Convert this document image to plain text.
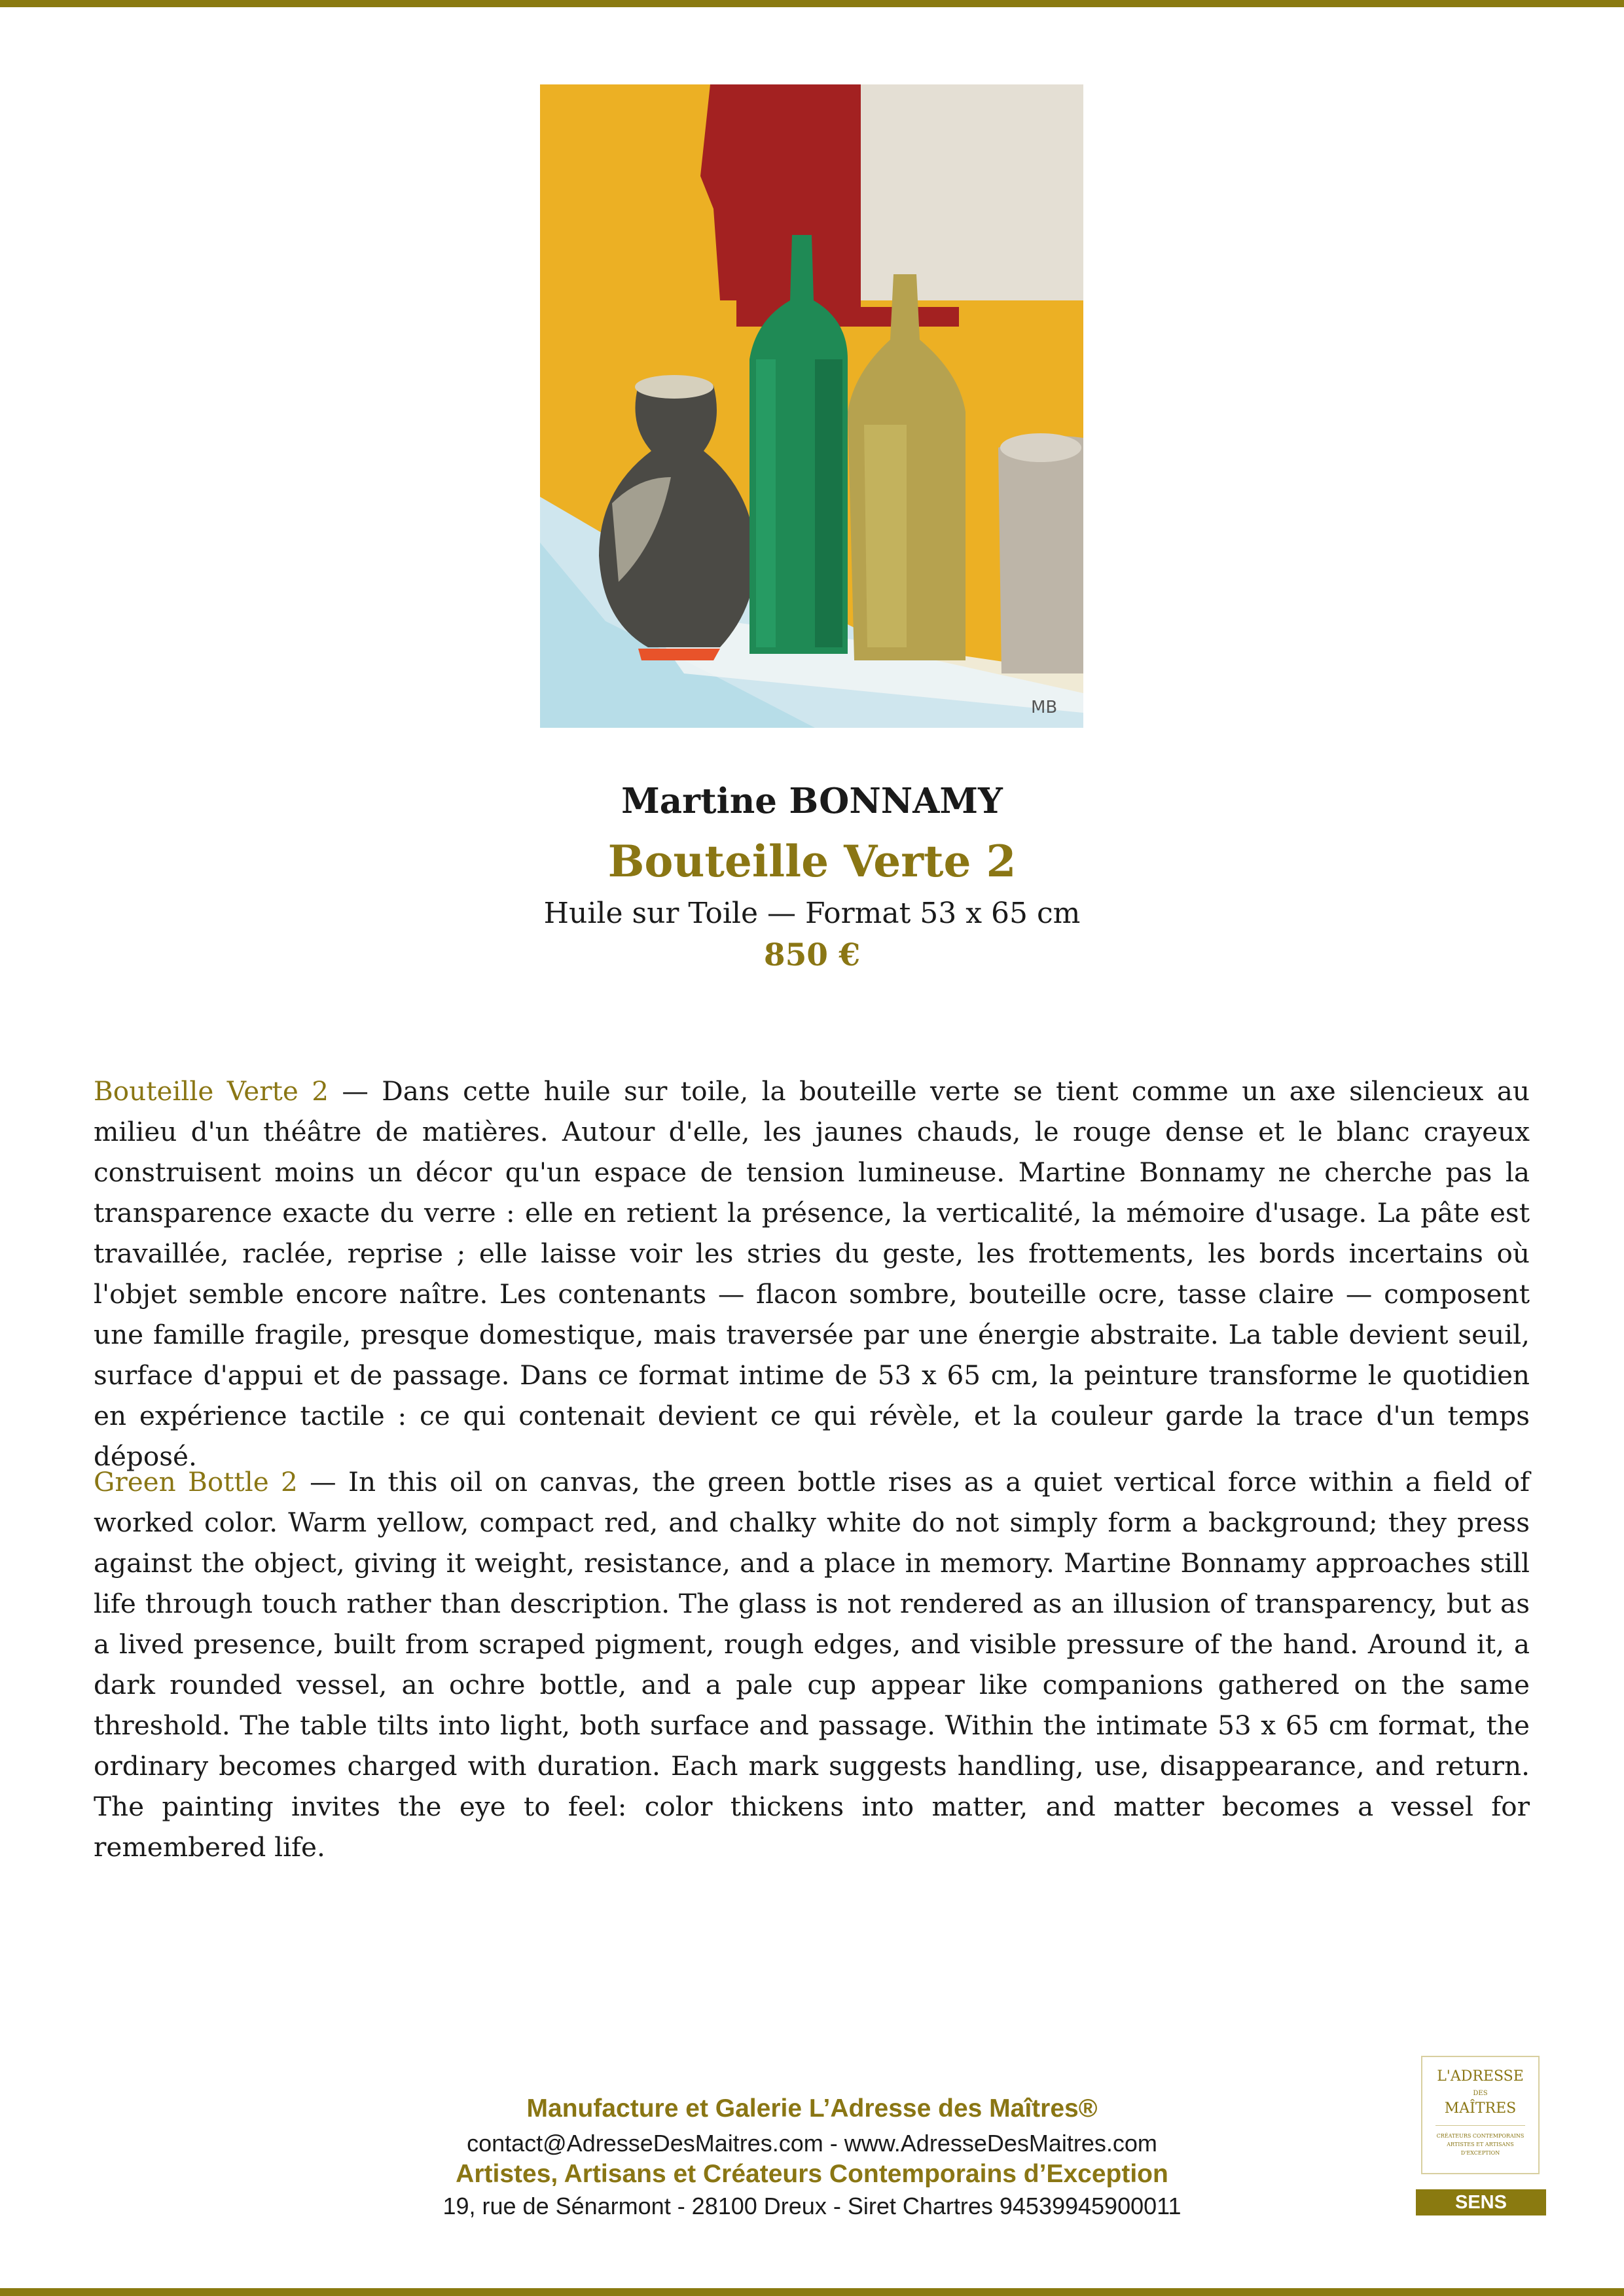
MB
Martine BONNAMY
Bouteille Verte 2
Huile sur Toile — Format 53 x 65 cm
850 €

Bouteille Verte 2 — Dans cette huile sur toile, la bouteille verte se tient comme un axe silencieux au milieu d'un théâtre de matières. Autour d'elle, les jaunes chauds, le rouge dense et le blanc crayeux construisent moins un décor qu'un espace de tension lumineuse. Martine Bonnamy ne cherche pas la transparence exacte du verre : elle en retient la présence, la verticalité, la mémoire d'usage. La pâte est travaillée, raclée, reprise ; elle laisse voir les stries du geste, les frottements, les bords incertains où l'objet semble encore naître. Les contenants — flacon sombre, bouteille ocre, tasse claire — composent une famille fragile, presque domestique, mais traversée par une énergie abstraite. La table devient seuil, surface d'appui et de passage. Dans ce format intime de 53 x 65 cm, la peinture transforme le quotidien en expérience tactile : ce qui contenait devient ce qui révèle, et la couleur garde la trace d'un temps déposé.

Green Bottle 2 — In this oil on canvas, the green bottle rises as a quiet vertical force within a field of worked color. Warm yellow, compact red, and chalky white do not simply form a background; they press against the object, giving it weight, resistance, and a place in memory. Martine Bonnamy approaches still life through touch rather than description. The glass is not rendered as an illusion of transparency, but as a lived presence, built from scraped pigment, rough edges, and visible pressure of the hand. Around it, a dark rounded vessel, an ochre bottle, and a pale cup appear like companions gathered on the same threshold. The table tilts into light, both surface and passage. Within the intimate 53 x 65 cm format, the ordinary becomes charged with duration. Each mark suggests handling, use, disappearance, and return. The painting invites the eye to feel: color thickens into matter, and matter becomes a vessel for remembered life.

Manufacture et Galerie L’Adresse des Maîtres®
contact@AdresseDesMaitres.com - www.AdresseDesMaitres.com
Artistes, Artisans et Créateurs Contemporains d’Exception
19, rue de Sénarmont - 28100 Dreux - Siret Chartres 94539945900011
L'ADRESSE
DES
MAÎTRES
CRÉATEURS CONTEMPORAINS ARTISTES ET ARTISANS D'EXCEPTION
SENS
